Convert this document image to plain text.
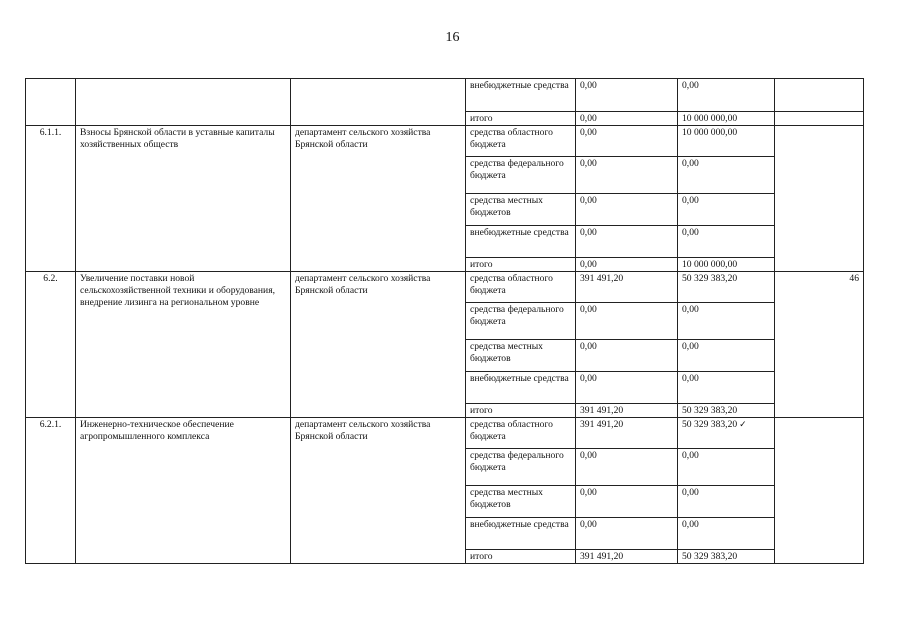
16
			внебюджетные средства	0,00	0,00	
			итого	0,00	10 000 000,00	
6.1.1.	Взносы Брянской области в уставные капиталы хозяйственных обществ	департамент сельского хозяйства Брянской области	средства областного бюджета	0,00	10 000 000,00	
			средства федерального бюджета	0,00	0,00	
			средства местных бюджетов	0,00	0,00	
			внебюджетные средства	0,00	0,00	
			итого	0,00	10 000 000,00	
6.2.	Увеличение поставки новой сельскохозяйственной техники и оборудования, внедрение лизинга на региональном уровне	департамент сельского хозяйства Брянской области	средства областного бюджета	391 491,20	50 329 383,20	46
			средства федерального бюджета	0,00	0,00	
			средства местных бюджетов	0,00	0,00	
			внебюджетные средства	0,00	0,00	
			итого	391 491,20	50 329 383,20	
6.2.1.	Инженерно-техническое обеспечение агропромышленного комплекса	департамент сельского хозяйства Брянской области	средства областного бюджета	391 491,20	50 329 383,20 ✓	
			средства федерального бюджета	0,00	0,00	
			средства местных бюджетов	0,00	0,00	
			внебюджетные средства	0,00	0,00	
			итого	391 491,20	50 329 383,20	
